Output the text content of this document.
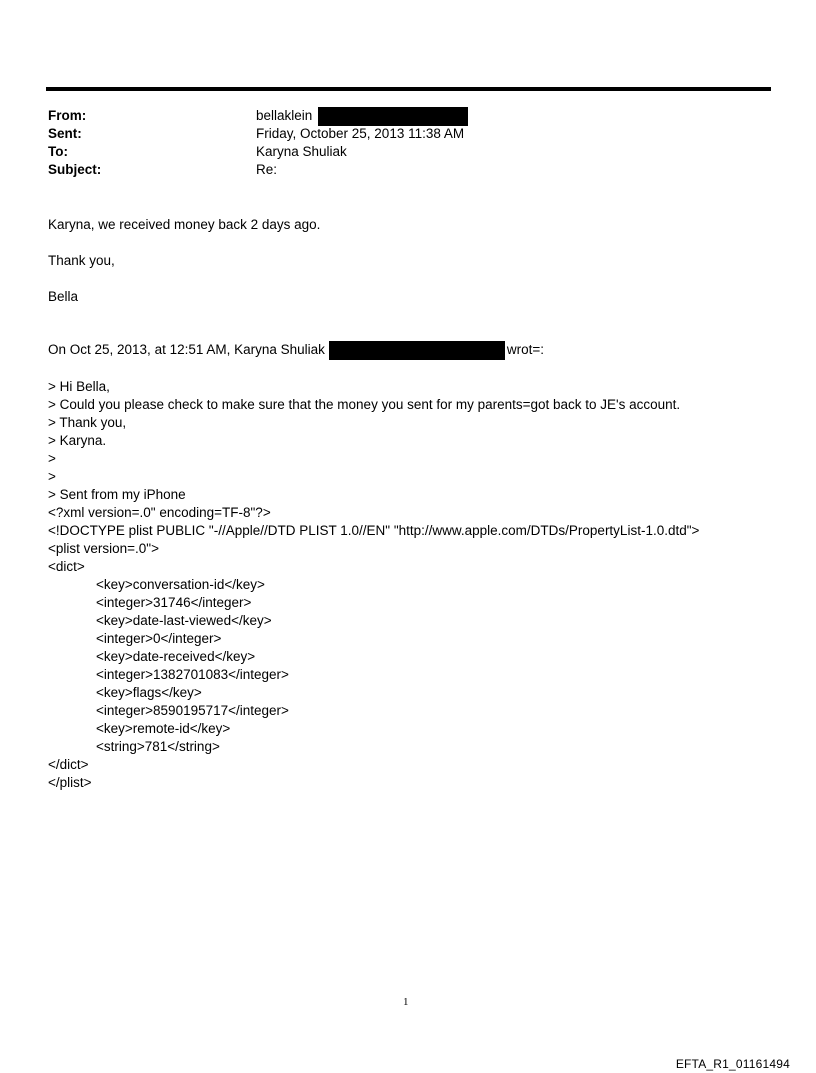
From:	bellaklein
Sent:	Friday, October 25, 2013 11:38 AM
To:	Karyna Shuliak
Subject:	Re:
Karyna, we received money back 2 days ago.
Thank you,
Bella
On Oct 25, 2013, at 12:51 AM, Karyna Shuliak	wrot=:
> Hi Bella,
> Could you please check to make sure that the money you sent for my parents=got back to JE's account.
> Thank you,
> Karyna.
>
>
> Sent from my iPhone
<?xml version=.0" encoding=TF-8"?>
<!DOCTYPE plist PUBLIC "-//Apple//DTD PLIST 1.0//EN" "http://www.apple.com/DTDs/PropertyList-1.0.dtd">
<plist version=.0">
<dict>
<key>conversation-id</key>
<integer>31746</integer>
<key>date-last-viewed</key>
<integer>0</integer>
<key>date-received</key>
<integer>1382701083</integer>
<key>flags</key>
<integer>8590195717</integer>
<key>remote-id</key>
<string>781</string>
</dict>
</plist>
1
EFTA_R1_01161494
